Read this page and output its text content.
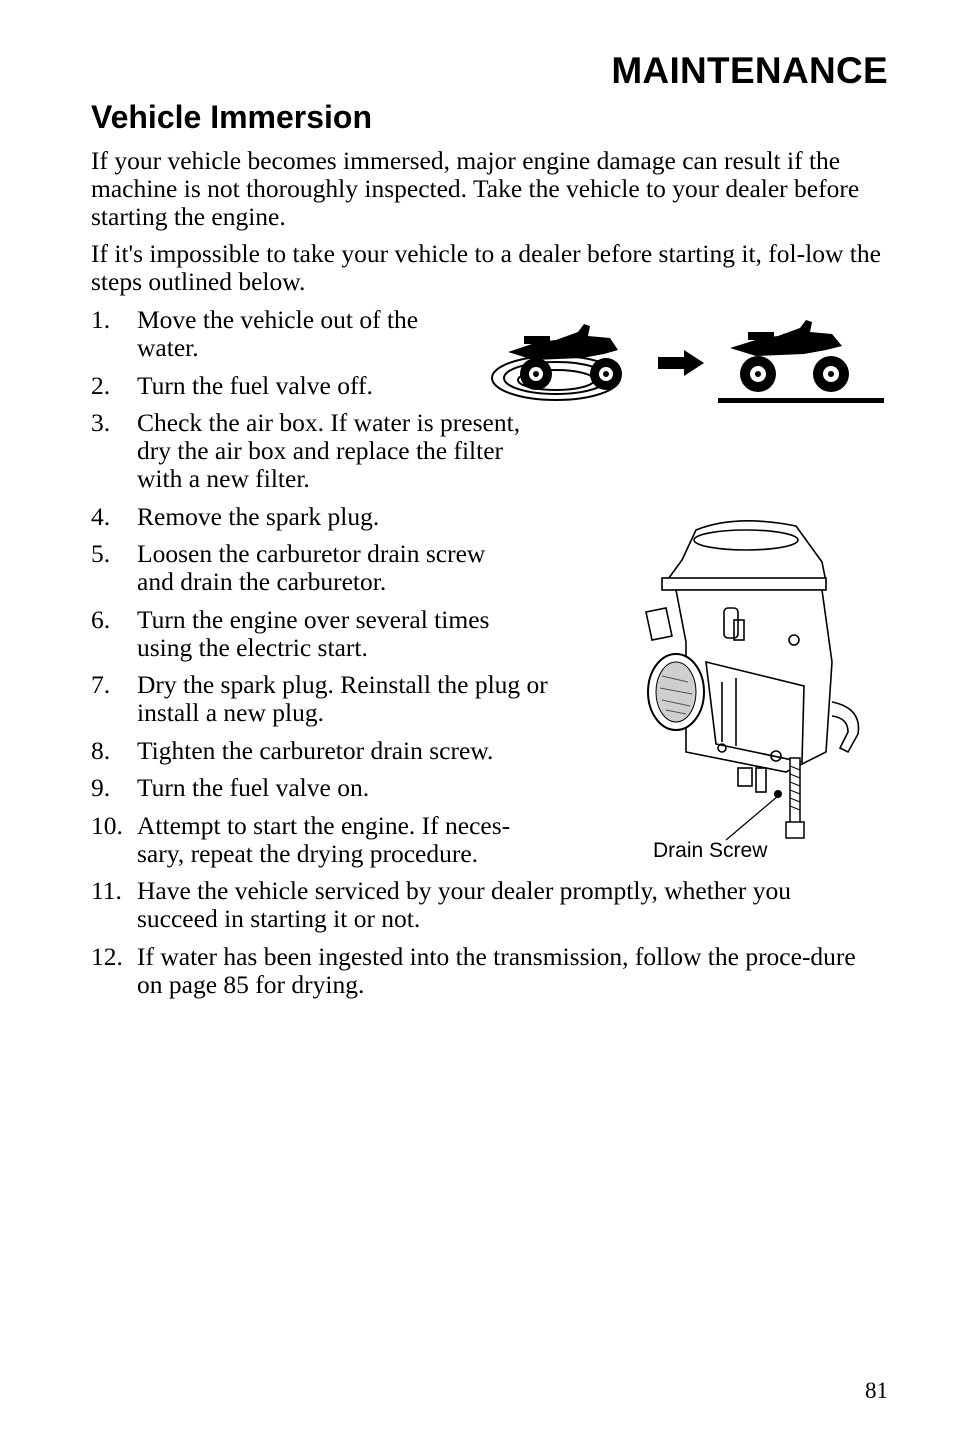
MAINTENANCE
Vehicle Immersion

If your vehicle becomes immersed, major engine damage can result if the machine is not thoroughly inspected. Take the vehicle to your dealer before starting the engine.

If it's impossible to take your vehicle to a dealer before starting it, fol-low the steps outlined below.

1.	Move the vehicle out of the water.
2.	Turn the fuel valve off.
3.	Check the air box. If water is present, dry the air box and replace the filter with a new filter.
4.	Remove the spark plug.
5.	Loosen the carburetor drain screw and drain the carburetor.
6.	Turn the engine over several times using the electric start.
7.	Dry the spark plug. Reinstall the plug or install a new plug.
8.	Tighten the carburetor drain screw.
9.	Turn the fuel valve on.
10. Attempt to start the engine. If neces-sary, repeat the drying procedure.
11. Have the vehicle serviced by your dealer promptly, whether you succeed in starting it or not.
12. If water has been ingested into the transmission, follow the proce-dure on page 85 for drying.
Drain Screw
81
